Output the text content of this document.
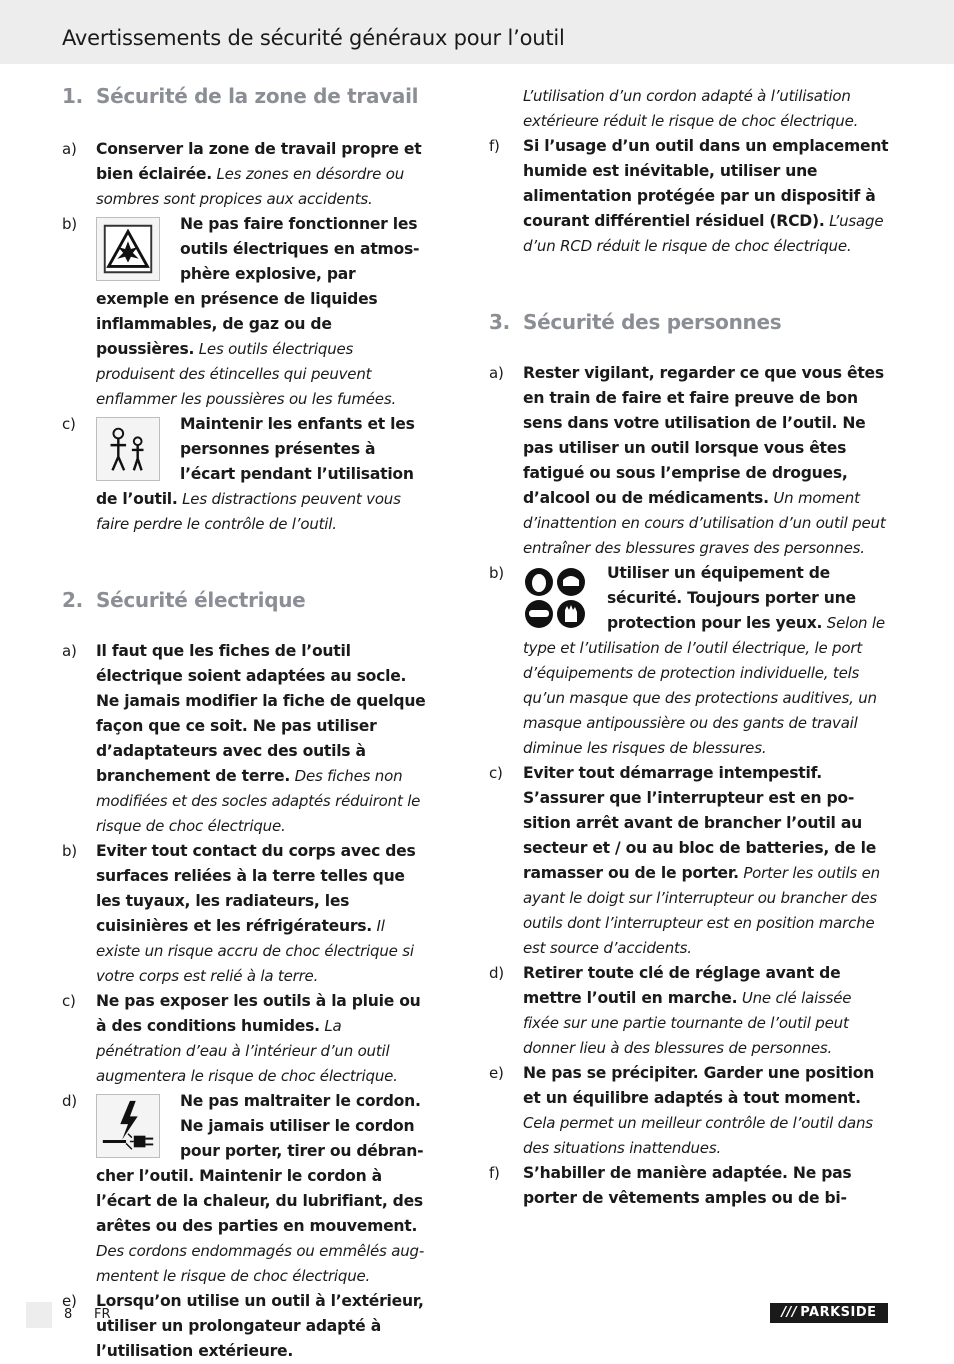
Avertissements de sécurité généraux pour l’outil
1. Sécurité de la zone de travail
a) Conserver la zone de travail propre et bien éclairée. Les zones en désordre ou sombres sont propices aux accidents.
b)	Ne pas faire fonctionner les outils électriques en atmosphère explosive, par exemple en présence de liquides inflammables, de gaz ou de poussières. Les outils électriques produisent des étincelles qui peuvent enflammer les poussières ou les fumées.
c)	Maintenir les enfants et les personnes présentes à l’écart pendant l’utilisation de l’outil. Les distractions peuvent vous faire perdre le contrôle de l’outil.
2. Sécurité électrique
a) Il faut que les fiches de l’outil électrique soient adaptées au socle. Ne jamais modifier la fiche de quelque façon que ce soit. Ne pas utiliser d’adaptateurs avec des outils à branchement de terre. Des fiches non modifiées et des socles adaptés réduiront le risque de choc électrique.
b) Eviter tout contact du corps avec des surfaces reliées à la terre telles que les tuyaux, les radiateurs, les cuisinières et les réfrigérateurs. Il existe un risque accru de choc électrique si votre corps est relié à la terre.
c) Ne pas exposer les outils à la pluie ou à des conditions humides. La pénétration d’eau à l’intérieur d’un outil augmentera le risque de choc électrique.
d)	Ne pas maltraiter le cordon. Ne jamais utiliser le cordon pour porter, tirer ou débrancher l’outil. Maintenir le cordon à l’écart de la chaleur, du lubrifiant, des arêtes ou des parties en mouvement. Des cordons endommagés ou emmêlés augmentent le risque de choc électrique.
e) Lorsqu’on utilise un outil à l’extérieur, utiliser un prolongateur adapté à l’utilisation extérieure.
L’utilisation d’un cordon adapté à l’utilisation extérieure réduit le risque de choc électrique.
f) Si l’usage d’un outil dans un emplacement humide est inévitable, utiliser une alimentation protégée par un dispositif à courant différentiel résiduel (RCD). L’usage d’un RCD réduit le risque de choc électrique.
3. Sécurité des personnes
a) Rester vigilant, regarder ce que vous êtes en train de faire et faire preuve de bon sens dans votre utilisation de l’outil. Ne pas utiliser un outil lorsque vous êtes fatigué ou sous l’emprise de drogues, d’alcool ou de médicaments. Un moment d’inattention en cours d’utilisation d’un outil peut entraîner des blessures graves des personnes.
b)	Utiliser un équipement de sécurité. Toujours porter une protection pour les yeux. Selon le type et l’utilisation de l’outil électrique, le port d’équipements de protection individuelle, tels qu’un masque que des protections auditives, un masque antipoussière ou des gants de travail diminue les risques de blessures.
c) Eviter tout démarrage intempestif. S’assurer que l’interrupteur est en position arrêt avant de brancher l’outil au secteur et / ou au bloc de batteries, de le ramasser ou de le porter. Porter les outils en ayant le doigt sur l’interrupteur ou brancher des outils dont l’interrupteur est en position marche est source d’accidents.
d) Retirer toute clé de réglage avant de mettre l’outil en marche. Une clé laissée fixée sur une partie tournante de l’outil peut donner lieu à des blessures de personnes.
e) Ne pas se précipiter. Garder une position et un équilibre adaptés à tout moment. Cela permet un meilleur contrôle de l’outil dans des situations inattendues.
f) S’habiller de manière adaptée. Ne pas porter de vêtements amples ou de bi-
8 FR	/// PARKSIDE
